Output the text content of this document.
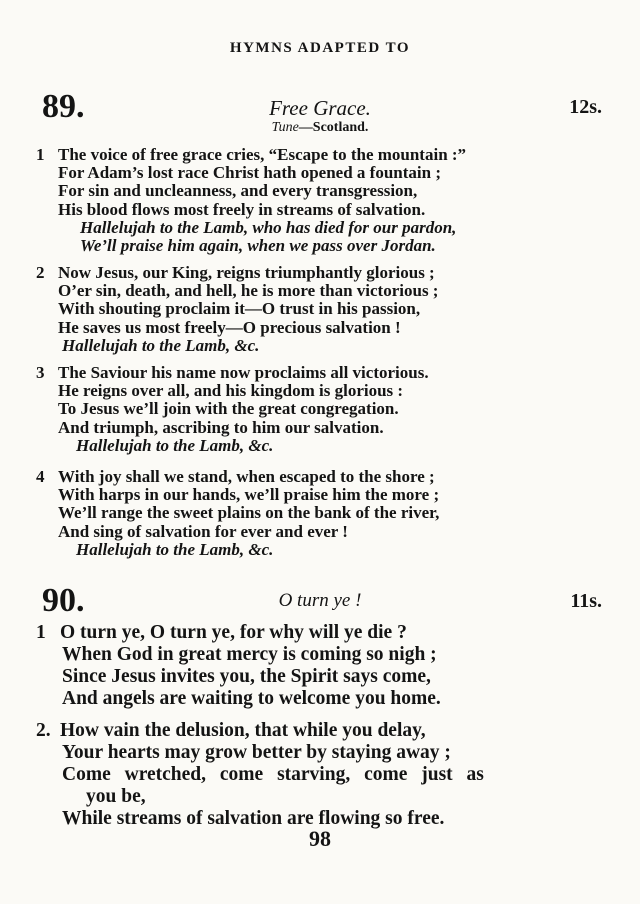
HYMNS ADAPTED TO
89.	Free Grace.	12s.
Tune—Scotland.
1 The voice of free grace cries, “Escape to the mountain :”
For Adam’s lost race Christ hath opened a fountain ;
For sin and uncleanness, and every transgression,
His blood flows most freely in streams of salvation.
Hallelujah to the Lamb, who has died for our pardon,
We’ll praise him again, when we pass over Jordan.
2 Now Jesus, our King, reigns triumphantly glorious ;
O’er sin, death, and hell, he is more than victorious ;
With shouting proclaim it—O trust in his passion,
He saves us most freely—O precious salvation !
Hallelujah to the Lamb, &c.
3 The Saviour his name now proclaims all victorious.
He reigns over all, and his kingdom is glorious :
To Jesus we’ll join with the great congregation.
And triumph, ascribing to him our salvation.
Hallelujah to the Lamb, &c.
4 With joy shall we stand, when escaped to the shore ;
With harps in our hands, we’ll praise him the more ;
We’ll range the sweet plains on the bank of the river,
And sing of salvation for ever and ever !
Hallelujah to the Lamb, &c.
90.	O turn ye !	11s.
1 O turn ye, O turn ye, for why will ye die ?
When God in great mercy is coming so nigh ;
Since Jesus invites you, the Spirit says come,
And angels are waiting to welcome you home.
2. How vain the delusion, that while you delay,
Your hearts may grow better by staying away ;
Come wretched, come starving, come just as
you be,
While streams of salvation are flowing so free.
98
